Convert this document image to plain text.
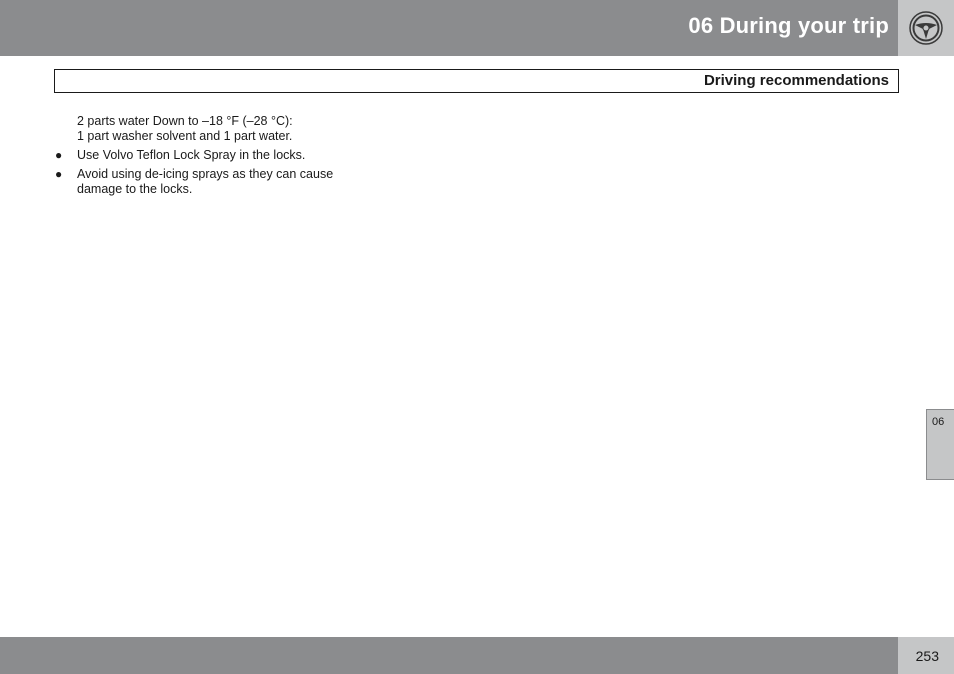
06 During your trip
Driving recommendations

2 parts water Down to –18 °F (–28 °C):
1 part washer solvent and 1 part water.

● Use Volvo Teflon Lock Spray in the locks.
● Avoid using de-icing sprays as they can cause damage to the locks.
06
253
